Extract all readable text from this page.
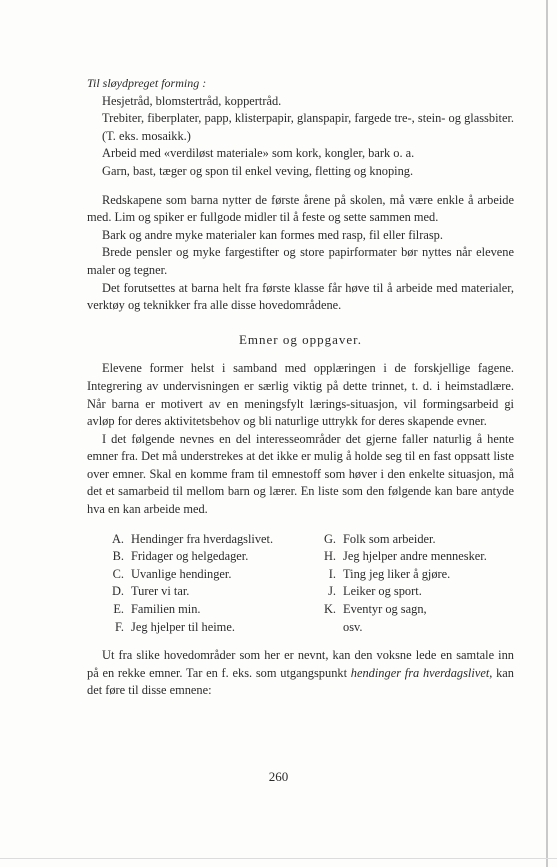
Til sløydpreget forming :

Hesjetråd, blomstertråd, koppertråd.
Trebiter, fiberplater, papp, klisterpapir, glanspapir, fargede tre-, stein- og glassbiter. (T. eks. mosaikk.)
Arbeid med «verdiløst materiale» som kork, kongler, bark o. a.
Garn, bast, tæger og spon til enkel veving, fletting og knoping.

Redskapene som barna nytter de første årene på skolen, må være enkle å arbeide med. Lim og spiker er fullgode midler til å feste og sette sammen med.

Bark og andre myke materialer kan formes med rasp, fil eller filrasp.

Brede pensler og myke fargestifter og store papirformater bør nyttes når elevene maler og tegner.

Det forutsettes at barna helt fra første klasse får høve til å arbeide med materialer, verktøy og teknikker fra alle disse hovedområdene.

Emner og oppgaver.

Elevene former helst i samband med opplæringen i de forskjellige fagene. Integrering av undervisningen er særlig viktig på dette trinnet, t. d. i heimstadlære. Når barna er motivert av en meningsfylt lærings-situasjon, vil formingsarbeid gi avløp for deres aktivitetsbehov og bli naturlige uttrykk for deres skapende evner.

I det følgende nevnes en del interesseområder det gjerne faller naturlig å hente emner fra. Det må understrekes at det ikke er mulig å holde seg til en fast oppsatt liste over emner. Skal en komme fram til emnestoff som høver i den enkelte situasjon, må det et samarbeid til mellom barn og lærer. En liste som den følgende kan bare antyde hva en kan arbeide med.

A. Hendinger fra hverdagslivet.
B. Fridager og helgedager.
C. Uvanlige hendinger.
D. Turer vi tar.
E. Familien min.
F. Jeg hjelper til heime.
G. Folk som arbeider.
H. Jeg hjelper andre mennesker.
I. Ting jeg liker å gjøre.
J. Leiker og sport.
K. Eventyr og sagn,
osv.

Ut fra slike hovedområder som her er nevnt, kan den voksne lede en samtale inn på en rekke emner. Tar en f. eks. som utgangspunkt hendinger fra hverdagslivet, kan det føre til disse emnene:

260
